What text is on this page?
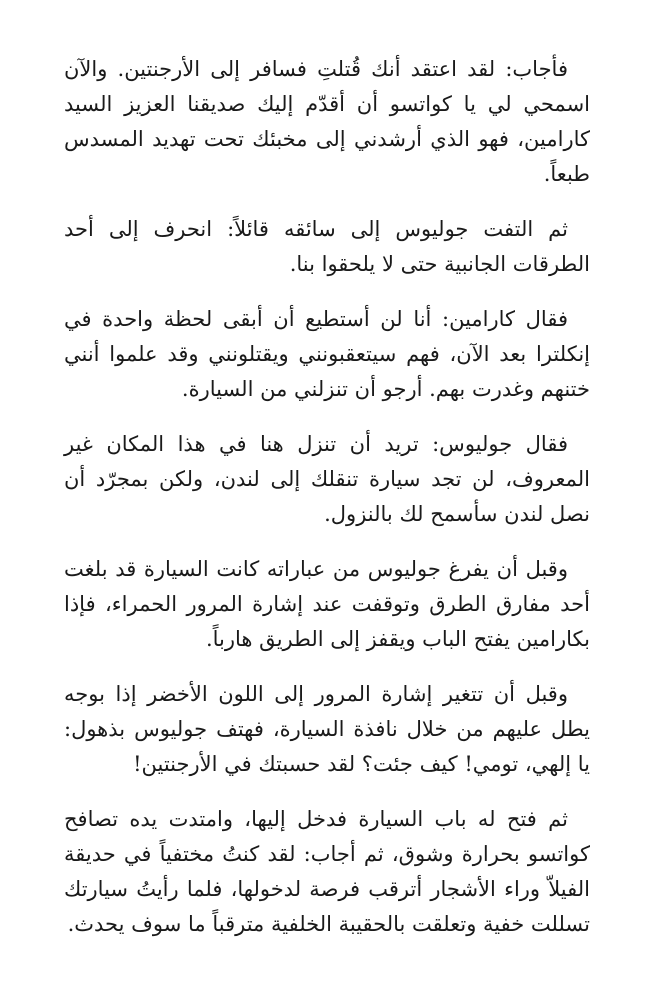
فأجاب: لقد اعتقد أنك قُتلتِ فسافر إلى الأرجنتين. والآن اسمحي لي يا كواتسو أن أقدّم إليك صديقنا العزيز السيد كارامين، فهو الذي أرشدني إلى مخبئك تحت تهديد المسدس طبعاً.

ثم التفت جوليوس إلى سائقه قائلاً: انحرف إلى أحد الطرقات الجانبية حتى لا يلحقوا بنا.

فقال كارامين: أنا لن أستطيع أن أبقى لحظة واحدة في إنكلترا بعد الآن، فهم سيتعقبونني ويقتلونني وقد علموا أنني ختنهم وغدرت بهم. أرجو أن تنزلني من السيارة.

فقال جوليوس: تريد أن تنزل هنا في هذا المكان غير المعروف، لن تجد سيارة تنقلك إلى لندن، ولكن بمجرّد أن نصل لندن سأسمح لك بالنزول.

وقبل أن يفرغ جوليوس من عباراته كانت السيارة قد بلغت أحد مفارق الطرق وتوقفت عند إشارة المرور الحمراء، فإذا بكارامين يفتح الباب ويقفز إلى الطريق هارباً.

وقبل أن تتغير إشارة المرور إلى اللون الأخضر إذا بوجه يطل عليهم من خلال نافذة السيارة، فهتف جوليوس بذهول: يا إلهي، تومي! كيف جئت؟ لقد حسبتك في الأرجنتين!

ثم فتح له باب السيارة فدخل إليها، وامتدت يده تصافح كواتسو بحرارة وشوق، ثم أجاب: لقد كنتُ مختفياً في حديقة الفيلاّ وراء الأشجار أترقب فرصة لدخولها، فلما رأيتُ سيارتك تسللت خفية وتعلقت بالحقيبة الخلفية مترقباً ما سوف يحدث.
